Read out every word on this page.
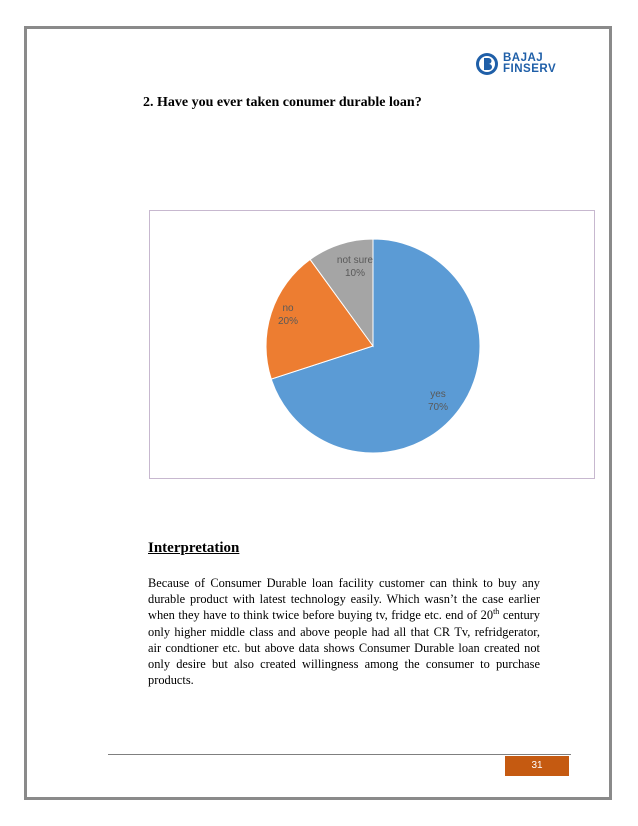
BAJAJ
FINSERV
2. Have you ever taken conumer durable loan?
yes
70%
no
20%
not sure
10%
Interpretation
Because of Consumer Durable loan facility customer can think to buy any durable product with latest technology easily. Which wasn’t the case earlier when they have to think twice before buying tv, fridge etc. end of 20th century only higher middle class and above people had all that CR Tv, refridgerator, air condtioner etc. but above data shows Consumer Durable loan created not only desire but also created willingness among the consumer to purchase products.
31
